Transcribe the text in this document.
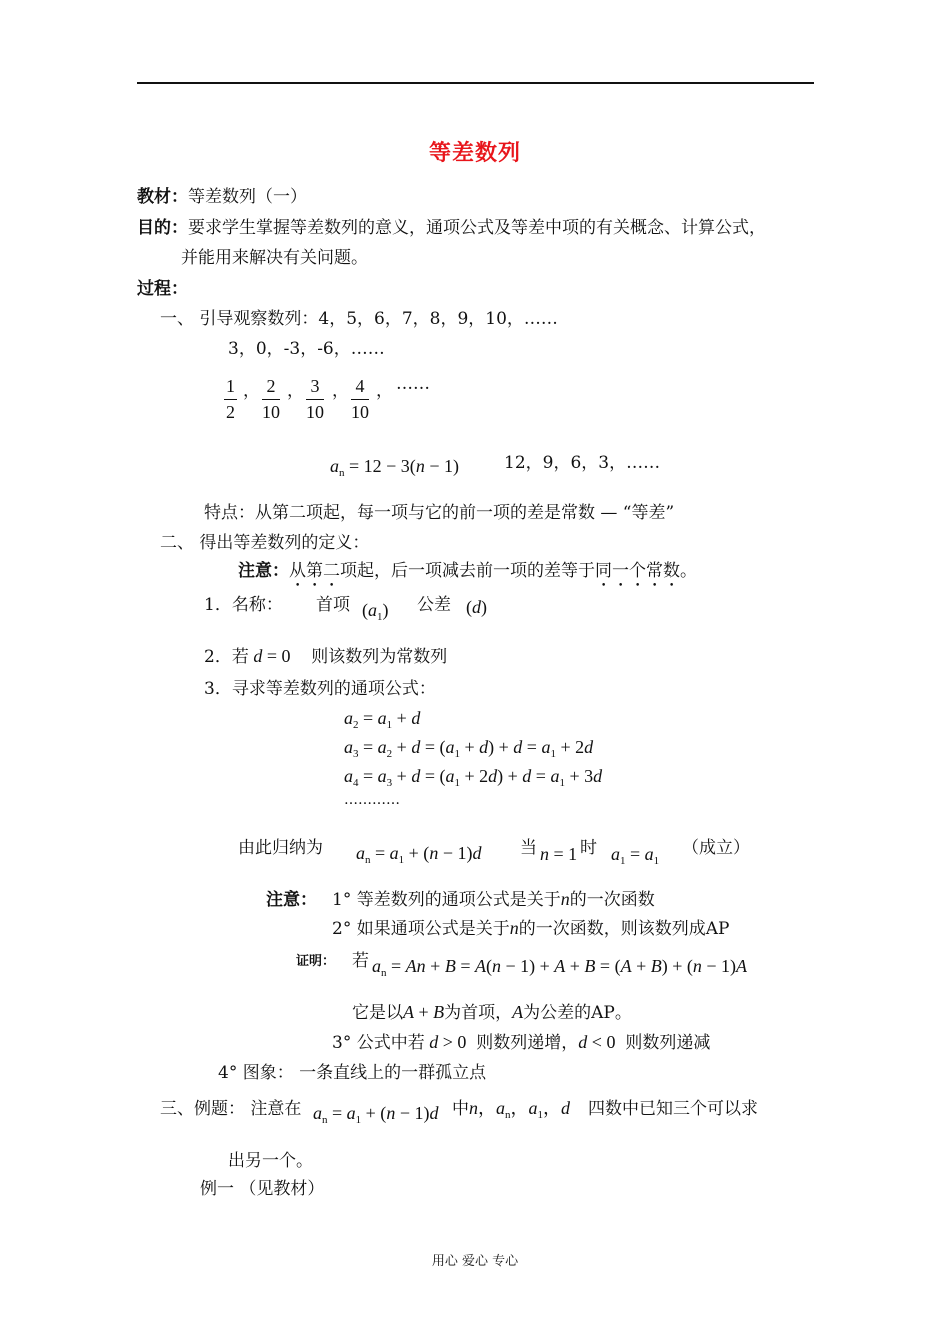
等差数列
教材：等差数列（一）
目的：要求学生掌握等差数列的意义，通项公式及等差中项的有关概念、计算公式，
并能用来解决有关问题。
过程：
一、 引导观察数列：4，5，6，7，8，9，10，……
3，0，-3，-6，……
$\frac{1}{2}$ ， $\frac{2}{10}$ ， $\frac{3}{10}$ ， $\frac{4}{10}$ ， ……
$a_n = 12 - 3(n - 1)$	12，9，6，3，……
特点：从第二项起，每一项与它的前一项的差是常数 — “等差”
二、 得出等差数列的定义：
注意：从第二项起，后一项减去前一项的差等于同一个常数。
1．名称： 首项 $(a_1)$ 公差 (d)
2．若 d = 0    则该数列为常数列
3．寻求等差数列的通项公式：
$a_2 = a_1 + d$
$a_3 = a_2 + d = (a_1 + d) + d = a_1 + 2d$
$a_4 = a_3 + d = (a_1 + 2d) + d = a_1 + 3d$
…………
由此归纳为 $a_n = a_1 + (n - 1)d$ 当 n = 1 时 $a_1 = a_1$
（成立）
注意： 1° 等差数列的通项公式是关于n的一次函数
2° 如果通项公式是关于n的一次函数，则该数列成AP
证明： 若 $a_n = An + B = A(n - 1) + A + B = (A + B) + (n - 1)A$
它是以A + B为首项，A为公差的AP。
3° 公式中若 d > 0  则数列递增，d < 0  则数列递减
4° 图象： 一条直线上的一群孤立点
三、例题： 注意在 $a_n = a_1 + (n - 1)d$ 中n，$a_n$，$a_1$，d 四数中已知三个可以求
出另一个。
例一 （见教材）
用心 爱心 专心
